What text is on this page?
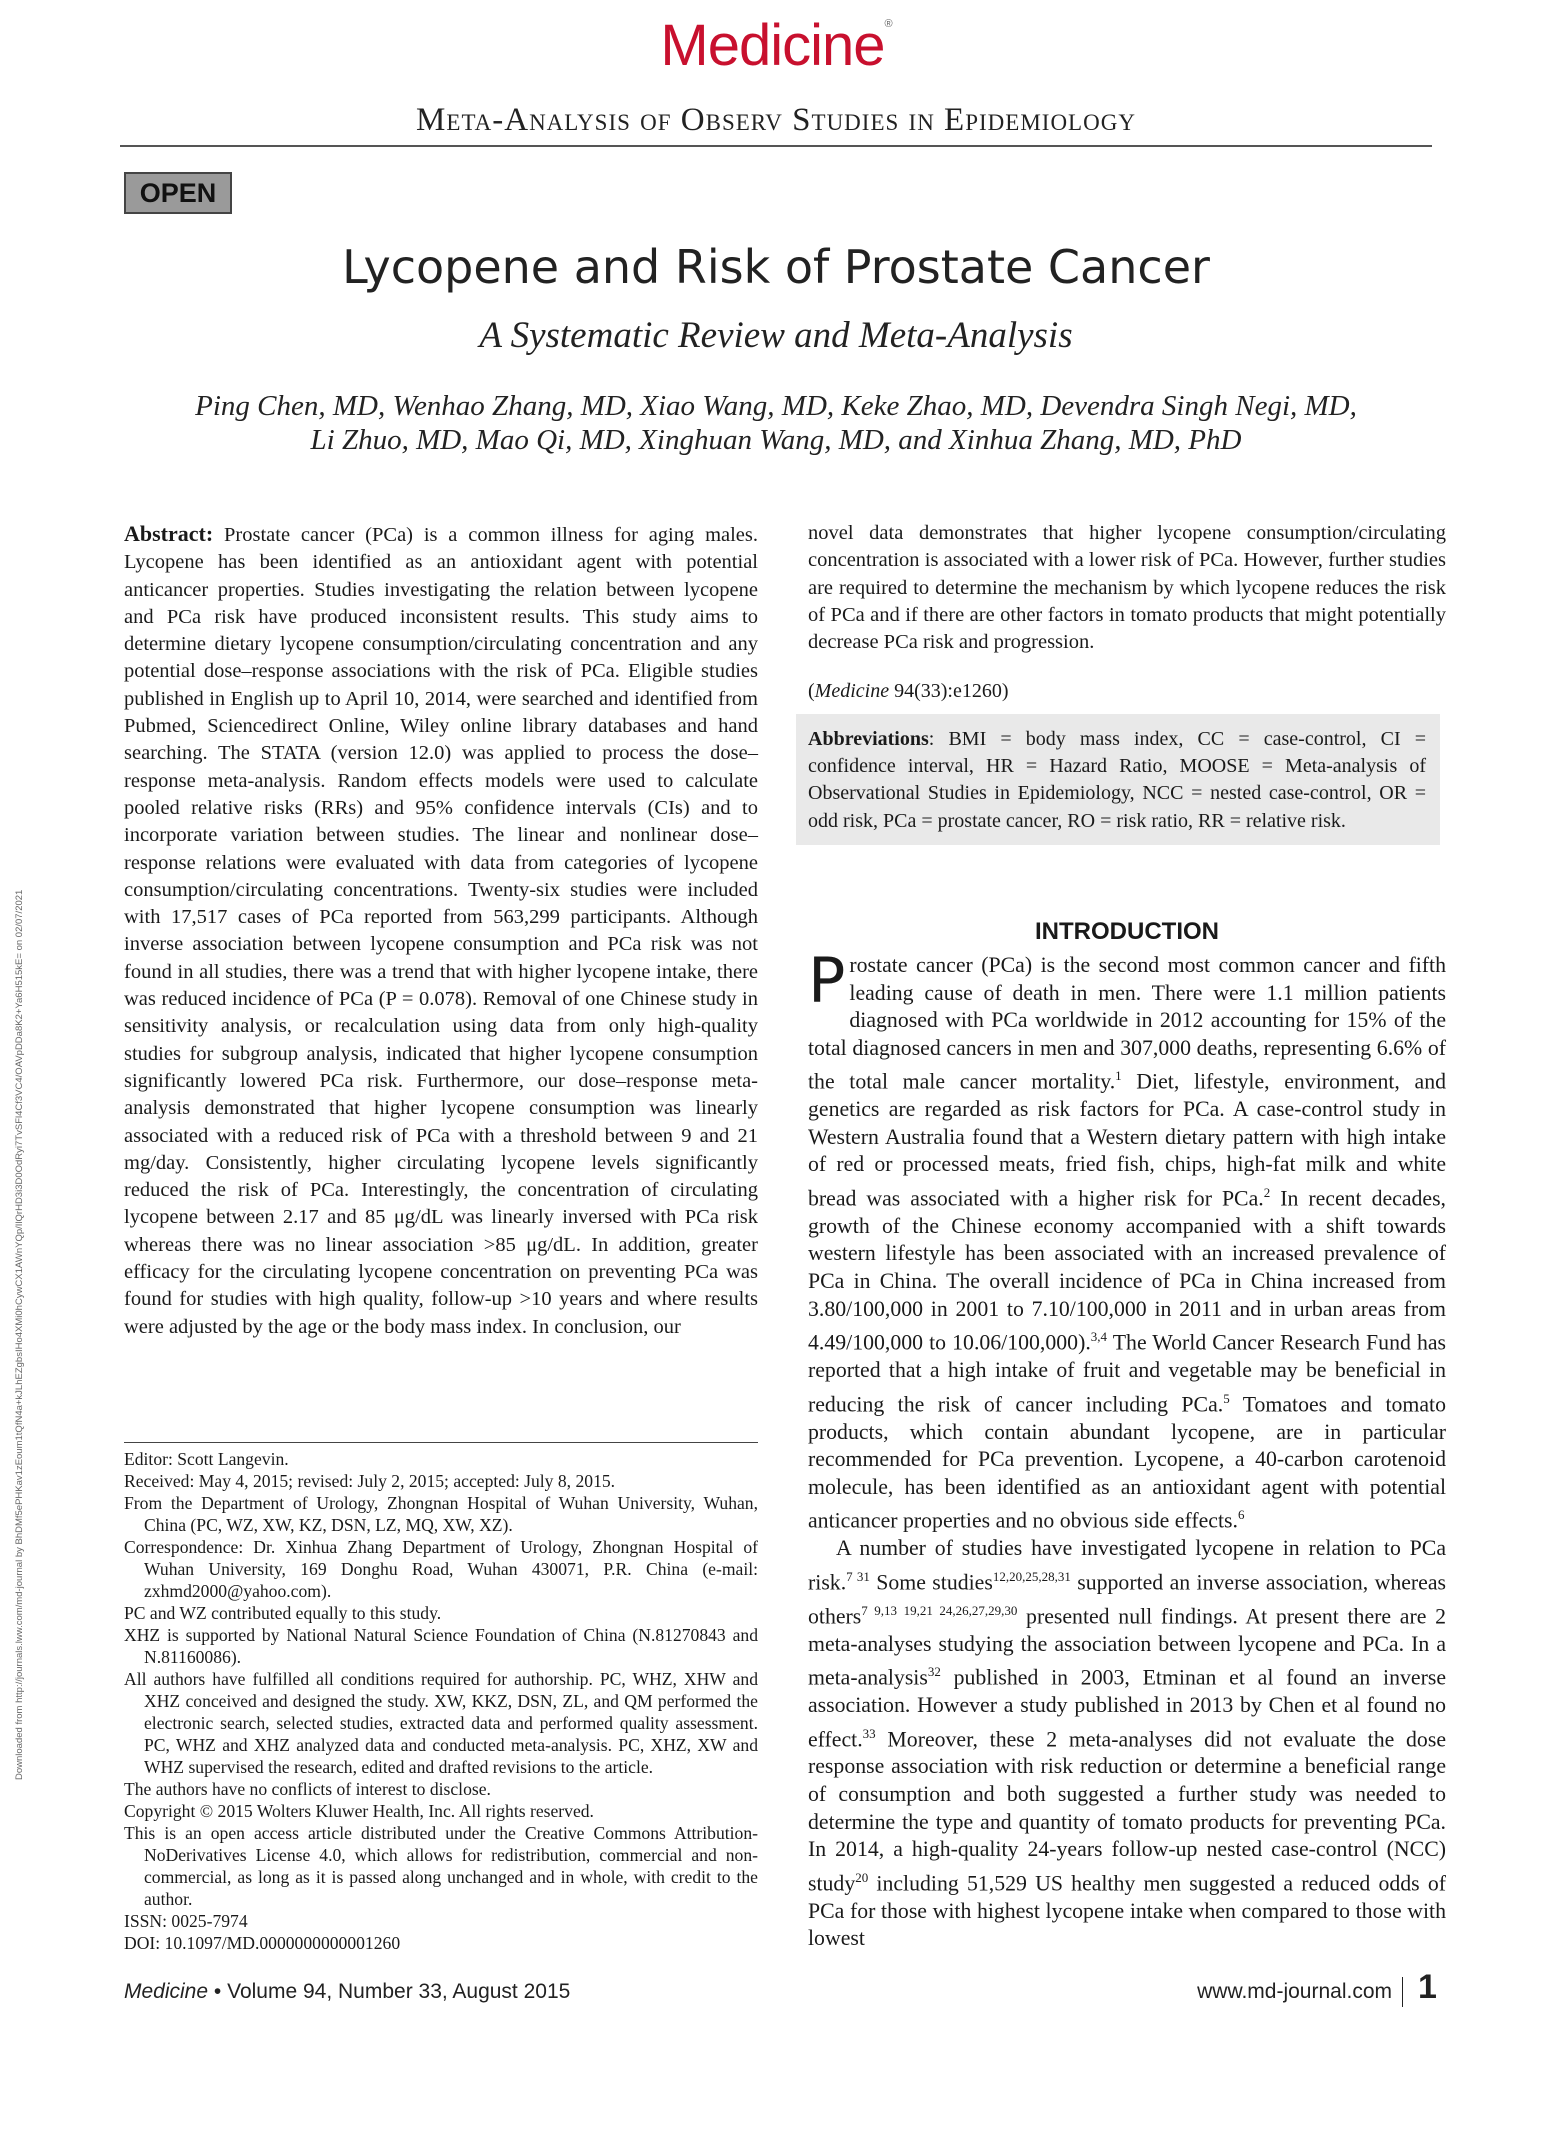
Medicine®
Meta-Analysis of Observ Studies in Epidemiology
OPEN
Lycopene and Risk of Prostate Cancer
A Systematic Review and Meta-Analysis
Ping Chen, MD, Wenhao Zhang, MD, Xiao Wang, MD, Keke Zhao, MD, Devendra Singh Negi, MD,
Li Zhuo, MD, Mao Qi, MD, Xinghuan Wang, MD, and Xinhua Zhang, MD, PhD
Abstract: Prostate cancer (PCa) is a common illness for aging males. Lycopene has been identified as an antioxidant agent with potential anticancer properties. Studies investigating the relation between lycopene and PCa risk have produced inconsistent results. This study aims to determine dietary lycopene consumption/circulating concentration and any potential dose–response associations with the risk of PCa. Eligible studies published in English up to April 10, 2014, were searched and identified from Pubmed, Sciencedirect Online, Wiley online library databases and hand searching. The STATA (version 12.0) was applied to process the dose–response meta-analysis. Random effects models were used to calculate pooled relative risks (RRs) and 95% confidence intervals (CIs) and to incorporate variation between studies. The linear and nonlinear dose–response relations were evaluated with data from categories of lycopene consumption/circulating concentrations. Twenty-six studies were included with 17,517 cases of PCa reported from 563,299 participants. Although inverse association between lycopene consumption and PCa risk was not found in all studies, there was a trend that with higher lycopene intake, there was reduced incidence of PCa (P = 0.078). Removal of one Chinese study in sensitivity analysis, or recalculation using data from only high-quality studies for subgroup analysis, indicated that higher lycopene consumption significantly lowered PCa risk. Furthermore, our dose–response meta-analysis demonstrated that higher lycopene consumption was linearly associated with a reduced risk of PCa with a threshold between 9 and 21 mg/day. Consistently, higher circulating lycopene levels significantly reduced the risk of PCa. Interestingly, the concentration of circulating lycopene between 2.17 and 85 μg/dL was linearly inversed with PCa risk whereas there was no linear association >85 μg/dL. In addition, greater efficacy for the circulating lycopene concentration on preventing PCa was found for studies with high quality, follow-up >10 years and where results were adjusted by the age or the body mass index. In conclusion, our
Editor: Scott Langevin.
Received: May 4, 2015; revised: July 2, 2015; accepted: July 8, 2015.
From the Department of Urology, Zhongnan Hospital of Wuhan University, Wuhan, China (PC, WZ, XW, KZ, DSN, LZ, MQ, XW, XZ).
Correspondence: Dr. Xinhua Zhang Department of Urology, Zhongnan Hospital of Wuhan University, 169 Donghu Road, Wuhan 430071, P.R. China (e-mail: zxhmd2000@yahoo.com).
PC and WZ contributed equally to this study.
XHZ is supported by National Natural Science Foundation of China (N.81270843 and N.81160086).
All authors have fulfilled all conditions required for authorship. PC, WHZ, XHW and XHZ conceived and designed the study. XW, KKZ, DSN, ZL, and QM performed the electronic search, selected studies, extracted data and performed quality assessment. PC, WHZ and XHZ analyzed data and conducted meta-analysis. PC, XHZ, XW and WHZ supervised the research, edited and drafted revisions to the article.
The authors have no conflicts of interest to disclose.
Copyright © 2015 Wolters Kluwer Health, Inc. All rights reserved.
This is an open access article distributed under the Creative Commons Attribution-NoDerivatives License 4.0, which allows for redistribution, commercial and non-commercial, as long as it is passed along unchanged and in whole, with credit to the author.
ISSN: 0025-7974
DOI: 10.1097/MD.0000000000001260
novel data demonstrates that higher lycopene consumption/circulating concentration is associated with a lower risk of PCa. However, further studies are required to determine the mechanism by which lycopene reduces the risk of PCa and if there are other factors in tomato products that might potentially decrease PCa risk and progression.
(Medicine 94(33):e1260)
Abbreviations: BMI = body mass index, CC = case-control, CI = confidence interval, HR = Hazard Ratio, MOOSE = Meta-analysis of Observational Studies in Epidemiology, NCC = nested case-control, OR = odd risk, PCa = prostate cancer, RO = risk ratio, RR = relative risk.
INTRODUCTION

Prostate cancer (PCa) is the second most common cancer and fifth leading cause of death in men. There were 1.1 million patients diagnosed with PCa worldwide in 2012 accounting for 15% of the total diagnosed cancers in men and 307,000 deaths, representing 6.6% of the total male cancer mortality.$^1$ Diet, lifestyle, environment, and genetics are regarded as risk factors for PCa. A case-control study in Western Australia found that a Western dietary pattern with high intake of red or processed meats, fried fish, chips, high-fat milk and white bread was associated with a higher risk for PCa.$^2$ In recent decades, growth of the Chinese economy accompanied with a shift towards western lifestyle has been associated with an increased prevalence of PCa in China. The overall incidence of PCa in China increased from 3.80/100,000 in 2001 to 7.10/100,000 in 2011 and in urban areas from 4.49/100,000 to 10.06/100,000).$^{3,4}$ The World Cancer Research Fund has reported that a high intake of fruit and vegetable may be beneficial in reducing the risk of cancer including PCa.$^5$ Tomatoes and tomato products, which contain abundant lycopene, are in particular recommended for PCa prevention. Lycopene, a 40-carbon carotenoid molecule, has been identified as an antioxidant agent with potential anticancer properties and no obvious side effects.$^6$

A number of studies have investigated lycopene in relation to PCa risk.$^{7 31}$ Some studies$^{12,20,25,28,31}$ supported an inverse association, whereas others$^{7 9,13 19,21 24,26,27,29,30}$ presented null findings. At present there are 2 meta-analyses studying the association between lycopene and PCa. In a meta-analysis$^{32}$ published in 2003, Etminan et al found an inverse association. However a study published in 2013 by Chen et al found no effect.$^{33}$ Moreover, these 2 meta-analyses did not evaluate the dose response association with risk reduction or determine a beneficial range of consumption and both suggested a further study was needed to determine the type and quantity of tomato products for preventing PCa. In 2014, a high-quality 24-years follow-up nested case-control (NCC) study$^{20}$ including 51,529 US healthy men suggested a reduced odds of PCa for those with highest lycopene intake when compared to those with lowest

Downloaded from http://journals.lww.com/md-journal by BhDMf5ePHKav1zEoum1tQfN4a+kJLhEZgbsIHo4XMi0hCywCX1AWnYQp/IlQrHD3i3D0OdRyi7TvSFl4Cf3VC4/OAVpDDa8K2+Ya6H515kE= on 02/07/2021
Medicine • Volume 94, Number 33, August 2015	www.md-journal.com 1
